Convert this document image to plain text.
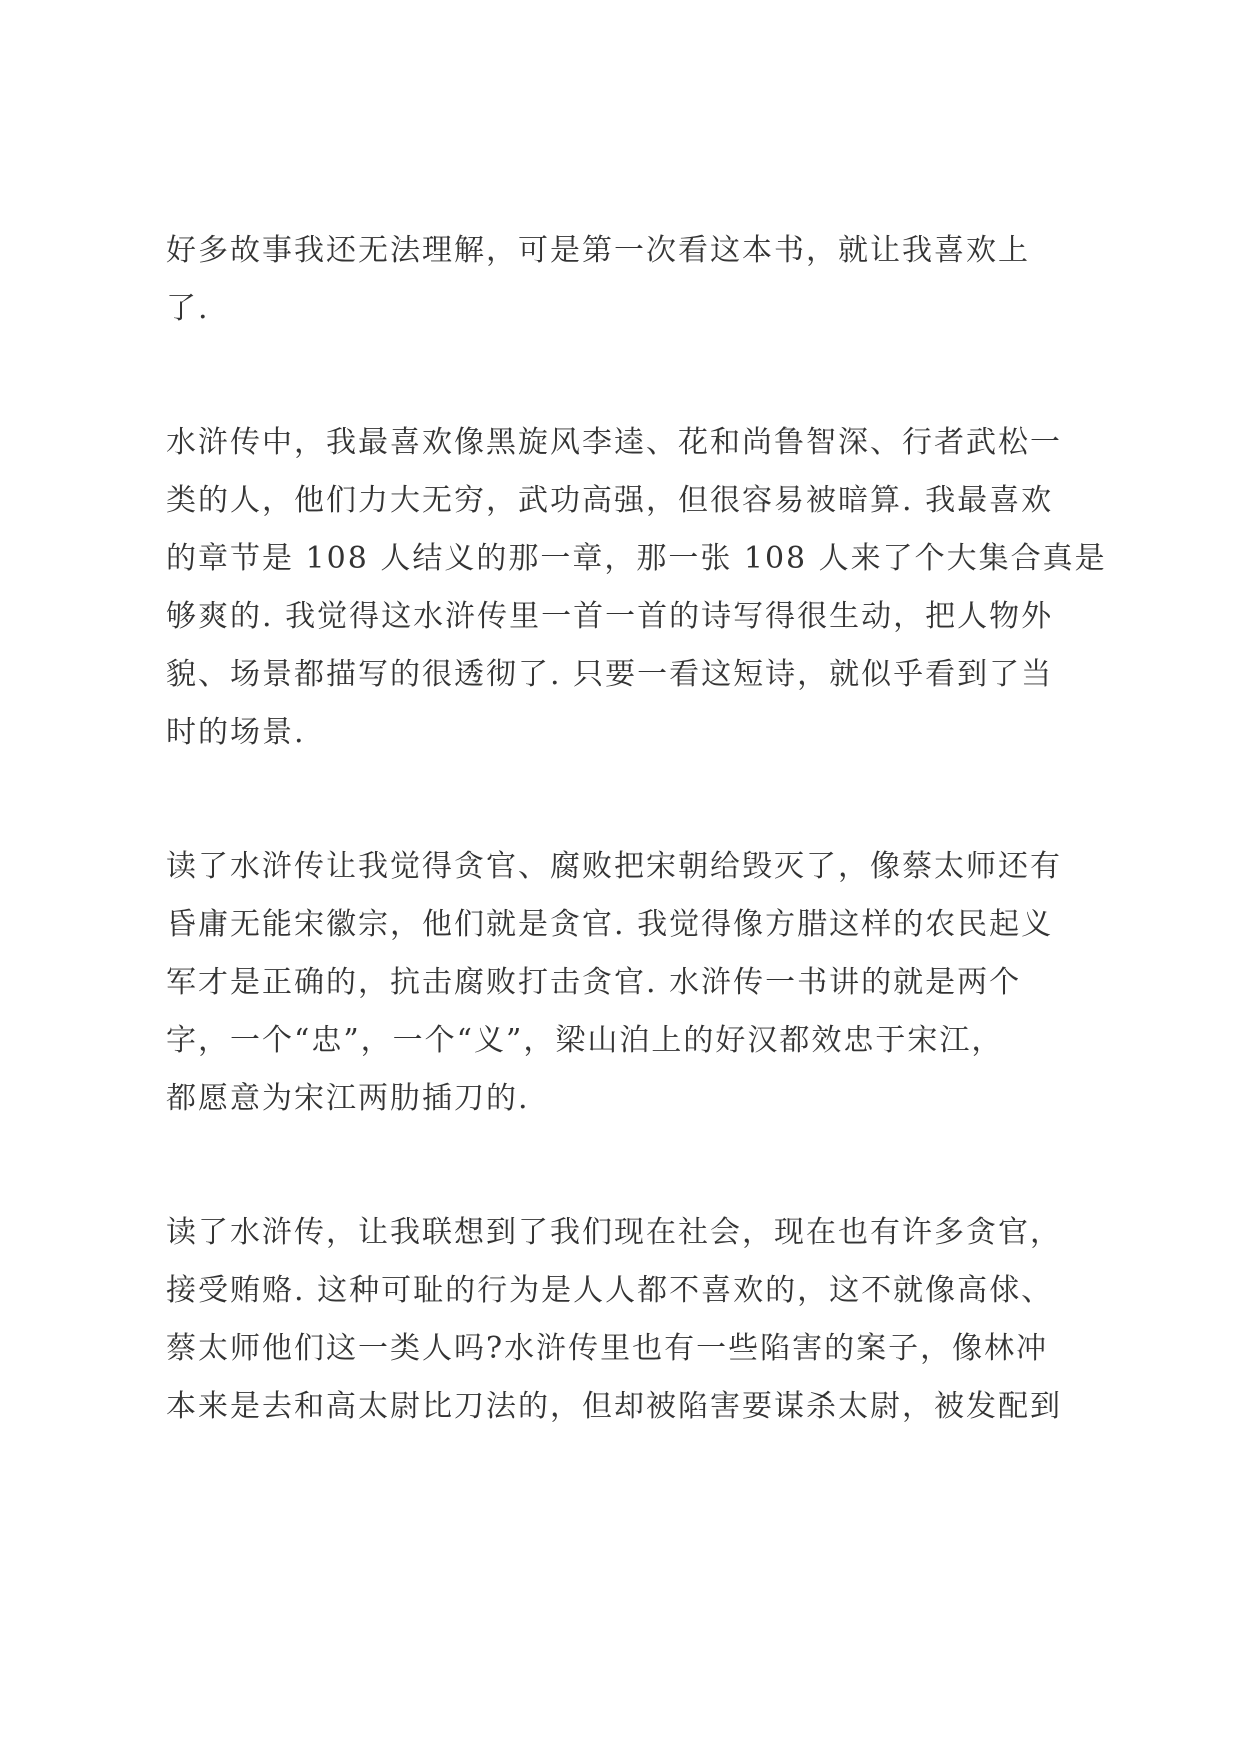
好多故事我还无法理解，可是第一次看这本书，就让我喜欢上
了.
水浒传中，我最喜欢像黑旋风李逵、花和尚鲁智深、行者武松一
类的人，他们力大无穷，武功高强，但很容易被暗算. 我最喜欢
的章节是 108 人结义的那一章，那一张 108 人来了个大集合真是
够爽的. 我觉得这水浒传里一首一首的诗写得很生动，把人物外
貌、场景都描写的很透彻了. 只要一看这短诗，就似乎看到了当
时的场景.
读了水浒传让我觉得贪官、腐败把宋朝给毁灭了，像蔡太师还有
昏庸无能宋徽宗，他们就是贪官. 我觉得像方腊这样的农民起义
军才是正确的，抗击腐败打击贪官. 水浒传一书讲的就是两个
字，一个“忠”，一个“义”，梁山泊上的好汉都效忠于宋江，
都愿意为宋江两肋插刀的.
读了水浒传，让我联想到了我们现在社会，现在也有许多贪官，
接受贿赂. 这种可耻的行为是人人都不喜欢的，这不就像高俅、
蔡太师他们这一类人吗?水浒传里也有一些陷害的案子，像林冲
本来是去和高太尉比刀法的，但却被陷害要谋杀太尉，被发配到
